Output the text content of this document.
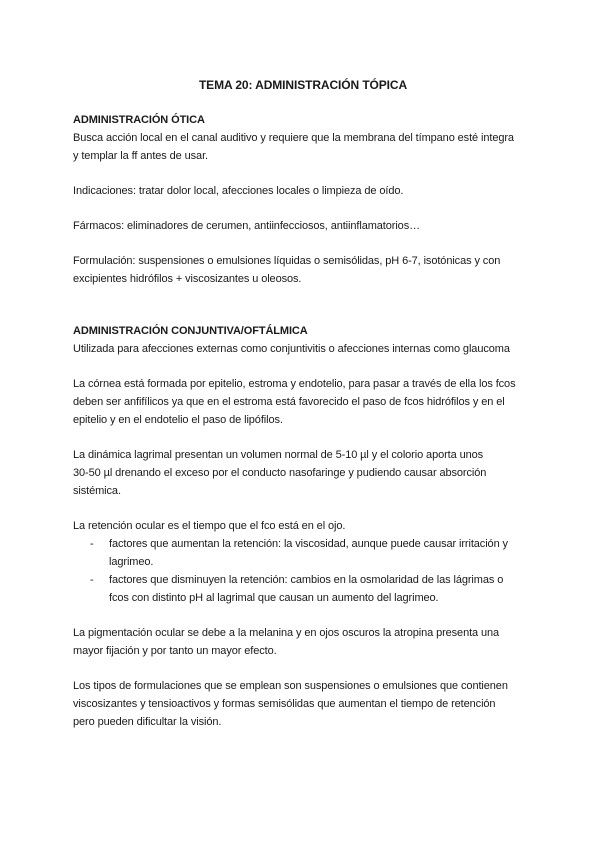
TEMA 20: ADMINISTRACIÓN TÓPICA
ADMINISTRACIÓN ÓTICA

Busca acción local en el canal auditivo y requiere que la membrana del tímpano esté integra
y templar la ff antes de usar.

Indicaciones: tratar dolor local, afecciones locales o limpieza de oído.

Fármacos: eliminadores de cerumen, antiinfecciosos, antiinflamatorios…

Formulación: suspensiones o emulsiones líquidas o semisólidas, pH 6-7, isotónicas y con
excipientes hidrófilos + viscosizantes u oleosos.

ADMINISTRACIÓN CONJUNTIVA/OFTÁLMICA

Utilizada para afecciones externas como conjuntivitis o afecciones internas como glaucoma

La córnea está formada por epitelio, estroma y endotelio, para pasar a través de ella los fcos
deben ser anfifílicos ya que en el estroma está favorecido el paso de fcos hidrófilos y en el
epitelio y en el endotelio el paso de lipófilos.

La dinámica lagrimal presentan un volumen normal de 5-10 µl y el colorio aporta unos
30-50 µl drenando el exceso por el conducto nasofaringe y pudiendo causar absorción
sistémica.

La retención ocular es el tiempo que el fco está en el ojo.

- factores que aumentan la retención: la viscosidad, aunque puede causar irritación y
lagrimeo.
- factores que disminuyen la retención: cambios en la osmolaridad de las lágrimas o
fcos con distinto pH al lagrimal que causan un aumento del lagrimeo.

La pigmentación ocular se debe a la melanina y en ojos oscuros la atropina presenta una
mayor fijación y por tanto un mayor efecto.

Los tipos de formulaciones que se emplean son suspensiones o emulsiones que contienen
viscosizantes y tensioactivos y formas semisólidas que aumentan el tiempo de retención
pero pueden dificultar la visión.
